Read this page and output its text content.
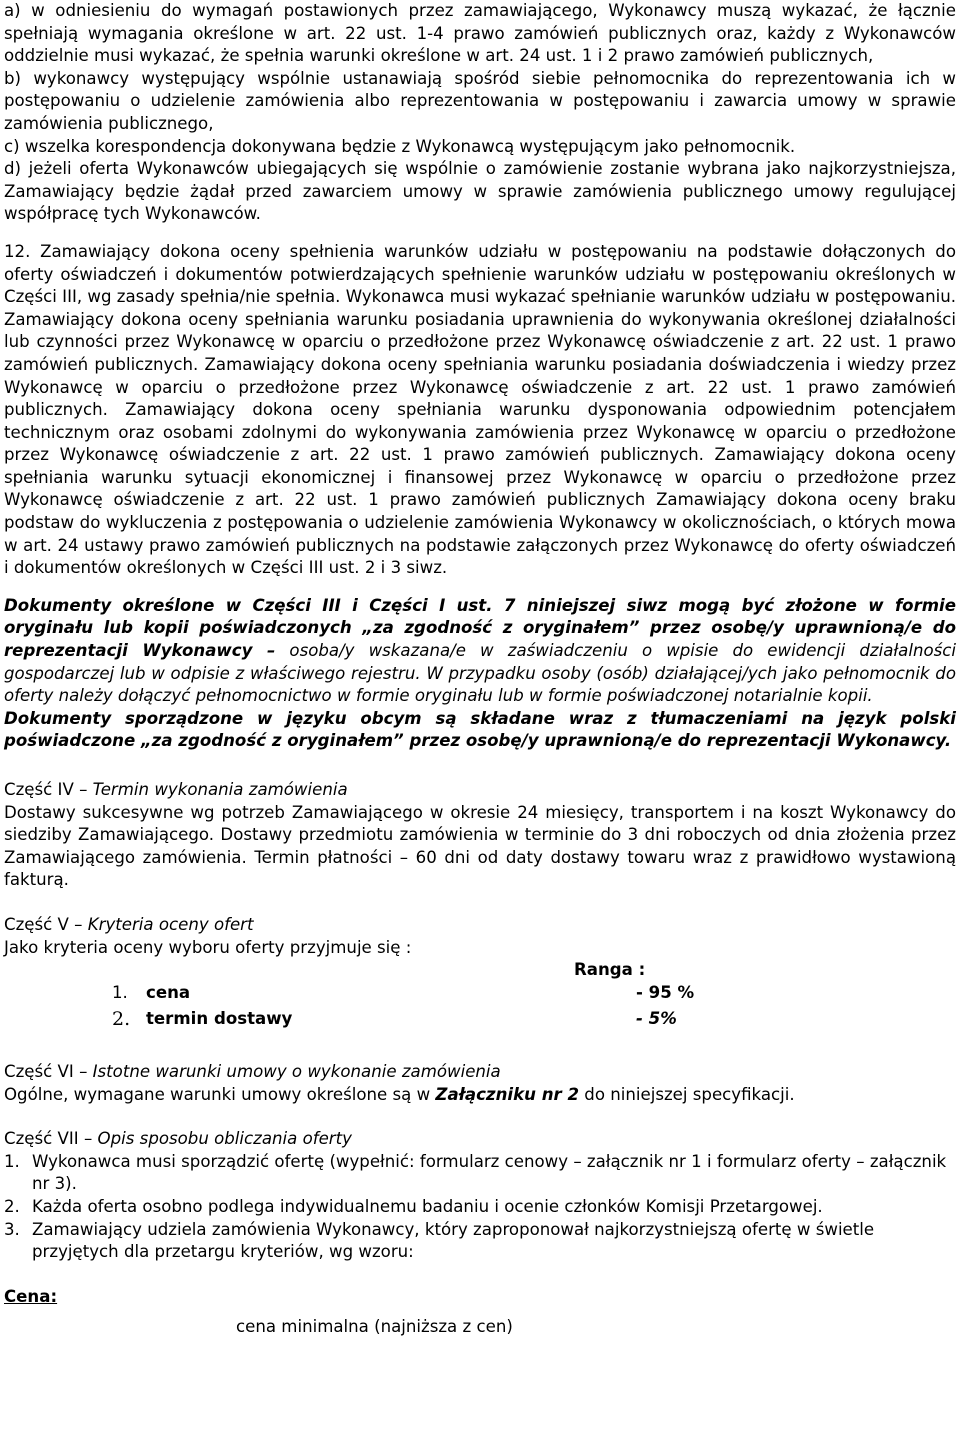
a) w odniesieniu do wymagań postawionych przez zamawiającego, Wykonawcy muszą wykazać, że łącznie spełniają wymagania określone w art. 22 ust. 1-4 prawo zamówień publicznych oraz, każdy z Wykonawców oddzielnie musi wykazać, że spełnia warunki określone w art. 24 ust. 1 i 2 prawo zamówień publicznych,

b) wykonawcy występujący wspólnie ustanawiają spośród siebie pełnomocnika do reprezentowania ich w postępowaniu o udzielenie zamówienia albo reprezentowania w postępowaniu i zawarcia umowy w sprawie zamówienia publicznego,

c) wszelka korespondencja dokonywana będzie z Wykonawcą występującym jako pełnomocnik.

d) jeżeli oferta Wykonawców ubiegających się wspólnie o zamówienie zostanie wybrana jako najkorzystniejsza, Zamawiający będzie żądał przed zawarciem umowy w sprawie zamówienia publicznego umowy regulującej współpracę tych Wykonawców.

12. Zamawiający dokona oceny spełnienia warunków udziału w postępowaniu na podstawie dołączonych do oferty oświadczeń i dokumentów potwierdzających spełnienie warunków udziału w postępowaniu określonych w Części III, wg zasady spełnia/nie spełnia. Wykonawca musi wykazać spełnianie warunków udziału w postępowaniu. Zamawiający dokona oceny spełniania warunku posiadania uprawnienia do wykonywania określonej działalności lub czynności przez Wykonawcę w oparciu o przedłożone przez Wykonawcę oświadczenie z art. 22 ust. 1 prawo zamówień publicznych. Zamawiający dokona oceny spełniania warunku posiadania doświadczenia i wiedzy przez Wykonawcę w oparciu o przedłożone przez Wykonawcę oświadczenie z art. 22 ust. 1 prawo zamówień publicznych. Zamawiający dokona oceny spełniania warunku dysponowania odpowiednim potencjałem technicznym oraz osobami zdolnymi do wykonywania zamówienia przez Wykonawcę w oparciu o przedłożone przez Wykonawcę oświadczenie z art. 22 ust. 1 prawo zamówień publicznych. Zamawiający dokona oceny spełniania warunku sytuacji ekonomicznej i finansowej przez Wykonawcę w oparciu o przedłożone przez Wykonawcę oświadczenie z art. 22 ust. 1 prawo zamówień publicznych Zamawiający dokona oceny braku podstaw do wykluczenia z postępowania o udzielenie zamówienia Wykonawcy w okolicznościach, o których mowa w art. 24 ustawy prawo zamówień publicznych na podstawie załączonych przez Wykonawcę do oferty oświadczeń i dokumentów określonych w Części III ust. 2 i 3 siwz.

Dokumenty określone w Części III i Części I ust. 7 niniejszej siwz mogą być złożone w formie oryginału lub kopii poświadczonych „za zgodność z oryginałem” przez osobę/y uprawnioną/e do reprezentacji Wykonawcy – osoba/y wskazana/e w zaświadczeniu o wpisie do ewidencji działalności gospodarczej lub w odpisie z właściwego rejestru. W przypadku osoby (osób) działającej/ych jako pełnomocnik do oferty należy dołączyć pełnomocnictwo w formie oryginału lub w formie poświadczonej notarialnie kopii.

Dokumenty sporządzone w języku obcym są składane wraz z tłumaczeniami na język polski poświadczone „za zgodność z oryginałem” przez osobę/y uprawnioną/e do reprezentacji Wykonawcy.

Część IV – Termin wykonania zamówienia

Dostawy sukcesywne wg potrzeb Zamawiającego w okresie 24 miesięcy, transportem i na koszt Wykonawcy do siedziby Zamawiającego. Dostawy przedmiotu zamówienia w terminie do 3 dni roboczych od dnia złożenia przez Zamawiającego zamówienia. Termin płatności – 60 dni od daty dostawy towaru wraz z prawidłowo wystawioną fakturą.

Część V – Kryteria oceny ofert

Jako kryteria oceny wyboru oferty przyjmuje się :

Ranga :
1. cena	- 95 %
2. termin dostawy	- 5%

Część VI – Istotne warunki umowy o wykonanie zamówienia

Ogólne, wymagane warunki umowy określone są w Załączniku nr 2 do niniejszej specyfikacji.

Część VII – Opis sposobu obliczania oferty

1. Wykonawca musi sporządzić ofertę (wypełnić: formularz cenowy – załącznik nr 1 i formularz oferty – załącznik nr 3).
2. Każda oferta osobno podlega indywidualnemu badaniu i ocenie członków Komisji Przetargowej.
3. Zamawiający udziela zamówienia Wykonawcy, który zaproponował najkorzystniejszą ofertę w świetle przyjętych dla przetargu kryteriów, wg wzoru:

Cena:

cena minimalna (najniższa z cen)
